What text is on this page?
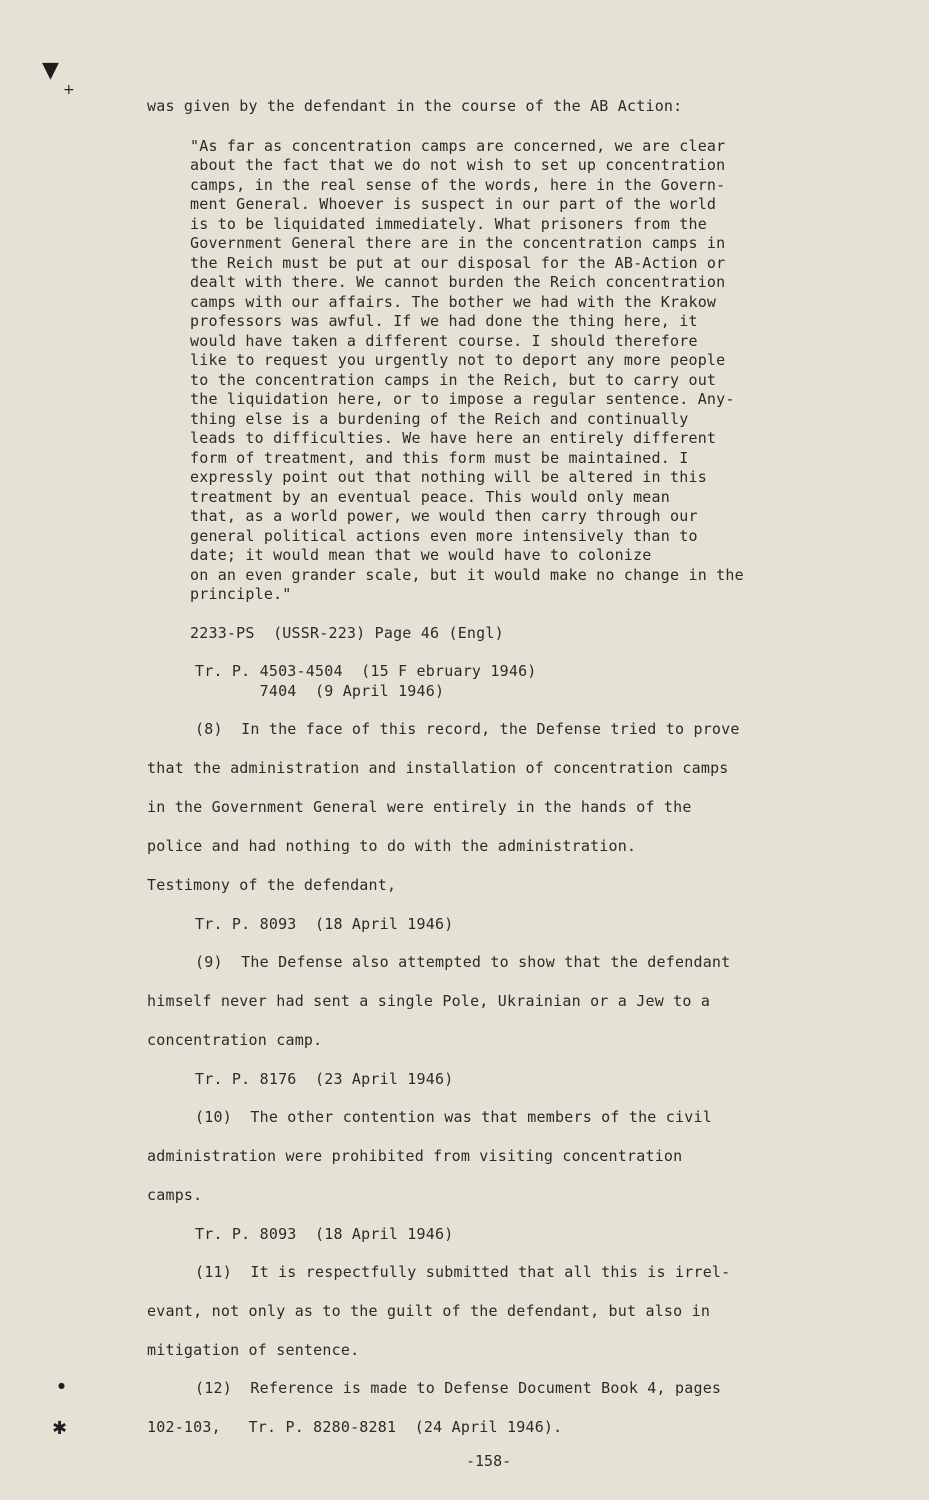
▼
+
●
✱
was given by the defendant in the course of the AB Action:
"As far as concentration camps are concerned, we are clear
about the fact that we do not wish to set up concentration
camps, in the real sense of the words, here in the Govern-
ment General. Whoever is suspect in our part of the world
is to be liquidated immediately. What prisoners from the
Government General there are in the concentration camps in
the Reich must be put at our disposal for the AB-Action or
dealt with there. We cannot burden the Reich concentration
camps with our affairs. The bother we had with the Krakow
professors was awful. If we had done the thing here, it
would have taken a different course. I should therefore
like to request you urgently not to deport any more people
to the concentration camps in the Reich, but to carry out
the liquidation here, or to impose a regular sentence. Any-
thing else is a burdening of the Reich and continually
leads to difficulties. We have here an entirely different
form of treatment, and this form must be maintained. I
expressly point out that nothing will be altered in this
treatment by an eventual peace. This would only mean
that, as a world power, we would then carry through our
general political actions even more intensively than to
date; it would mean that we would have to colonize
on an even grander scale, but it would make no change in the
principle."
2233-PS  (USSR-223) Page 46 (Engl)
Tr. P. 4503-4504  (15 F ebruary 1946)
7404  (9 April 1946)
(8)  In the face of this record, the Defense tried to prove
that the administration and installation of concentration camps
in the Government General were entirely in the hands of the
police and had nothing to do with the administration.
Testimony of the defendant,
Tr. P. 8093  (18 April 1946)
(9)  The Defense also attempted to show that the defendant
himself never had sent a single Pole, Ukrainian or a Jew to a
concentration camp.
Tr. P. 8176  (23 April 1946)
(10)  The other contention was that members of the civil
administration were prohibited from visiting concentration
camps.
Tr. P. 8093  (18 April 1946)
(11)  It is respectfully submitted that all this is irrel-
evant, not only as to the guilt of the defendant, but also in
mitigation of sentence.
(12)  Reference is made to Defense Document Book 4, pages
102-103,   Tr. P. 8280-8281  (24 April 1946).
-158-
